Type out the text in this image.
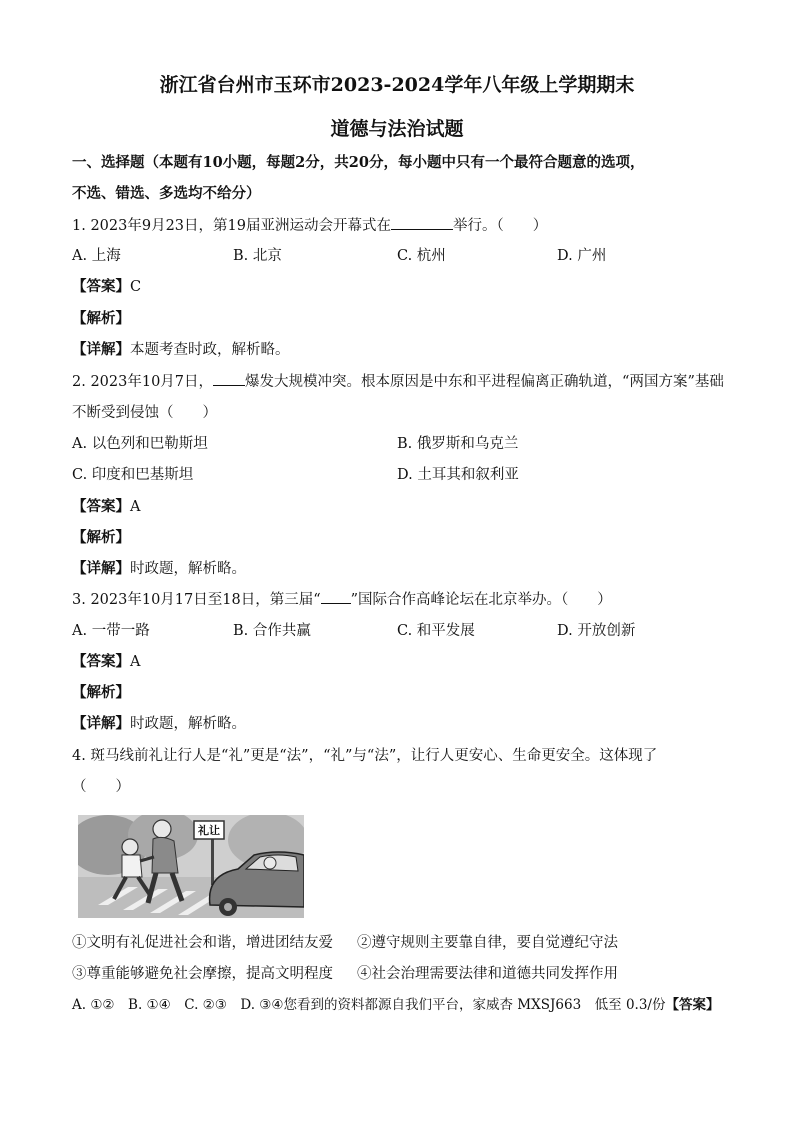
浙江省台州市玉环市2023-2024学年八年级上学期期末
道德与法治试题
一、选择题（本题有10小题，每题2分，共20分，每小题中只有一个最符合题意的选项，
不选、错选、多选均不给分）
1. 2023年9月23日，第19届亚洲运动会开幕式在	举行。（　　）
A. 上海	B. 北京	C. 杭州	D. 广州
【答案】C
【解析】
【详解】本题考查时政，解析略。
2. 2023年10月7日， 爆发大规模冲突。根本原因是中东和平进程偏离正确轨道，“两国方案”基础
不断受到侵蚀（　　）
A. 以色列和巴勒斯坦	B. 俄罗斯和乌克兰
C. 印度和巴基斯坦	D. 土耳其和叙利亚
【答案】A
【解析】
【详解】时政题，解析略。
3. 2023年10月17日至18日，第三届“ ”国际合作高峰论坛在北京举办。（　　）
A. 一带一路	B. 合作共赢	C. 和平发展	D. 开放创新
【答案】A
【解析】
【详解】时政题，解析略。
4. 斑马线前礼让行人是“礼”更是“法”，“礼”与“法”，让行人更安心、生命更安全。这体现了
（　　）
礼让
①文明有礼促进社会和谐，增进团结友爱 ②遵守规则主要靠自律，要自觉遵纪守法
③尊重能够避免社会摩擦，提高文明程度 ④社会治理需要法律和道德共同发挥作用
A. ①②　B. ①④　C. ②③　D. ③④您看到的资料都源自我们平台，家威杏 MXSJ663　低至 0.3/份【答案】
